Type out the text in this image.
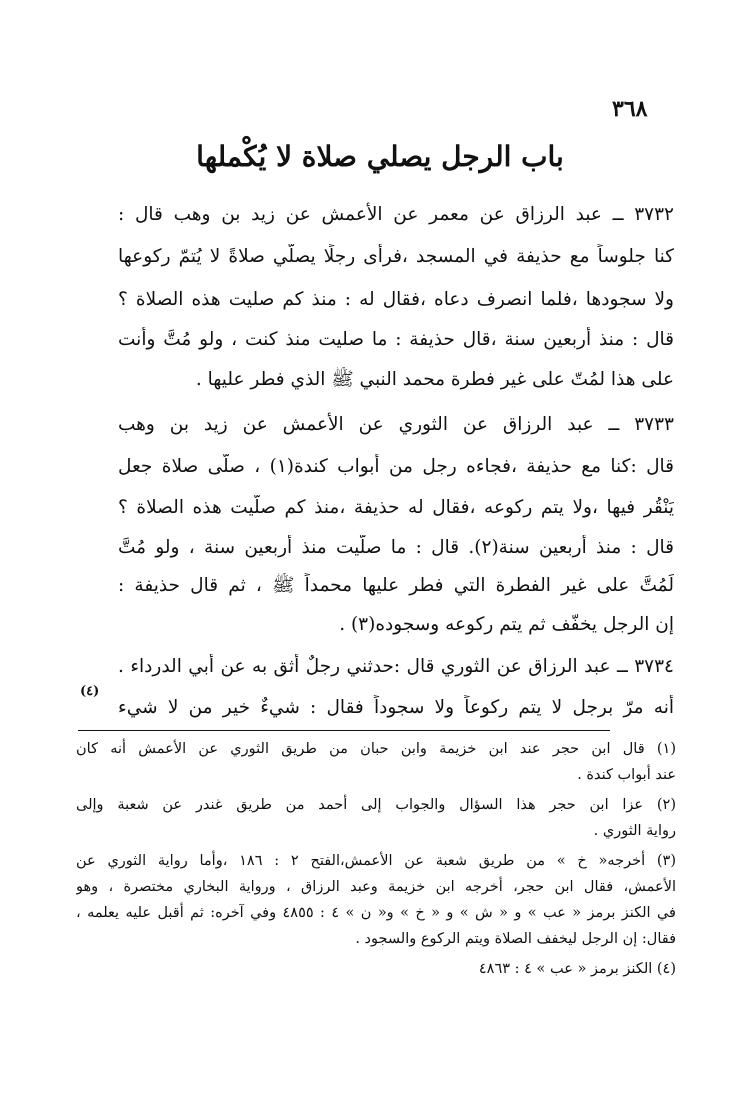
٣٦٨
باب الرجل يصلي صلاة لا يُكْملها
٣٧٣٢ ــ عبد الرزاق عن معمر عن الأعمش عن زيد بن وهب قال :
كنا جلوساً مع حذيفة في المسجد ،فرأى رجلًا يصلّي صلاةً لا يُتمّ ركوعها
ولا سجودها ،فلما انصرف دعاه ،فقال له : منذ كم صليت هذه الصلاة ؟
قال : منذ أربعين سنة ،قال حذيفة : ما صليت منذ كنت ، ولو مُتَّ وأنت
على هذا لمُتّ على غير فطرة محمد النبي ﷺ الذي فطر عليها .
٣٧٣٣ ــ عبد الرزاق عن الثوري عن الأعمش عن زيد بن وهب
قال :كنا مع حذيفة ،فجاءه رجل من أبواب كندة(١) ، صلّى صلاة جعل
يَنْقُر فيها ،ولا يتم ركوعه ،فقال له حذيفة ،منذ كم صلّيت هذه الصلاة ؟
قال : منذ أربعين سنة(٢). قال : ما صلّيت منذ أربعين سنة ، ولو مُتَّ
لَمُتَّ على غير الفطرة التي فطر عليها محمداً ﷺ ، ثم قال حذيفة :
إن الرجل يخفّف ثم يتم ركوعه وسجوده(٣) .
٣٧٣٤ ــ عبد الرزاق عن الثوري قال :حدثني رجلٌ أثق به عن أبي الدرداء .
أنه مرّ برجل لا يتم ركوعاً ولا سجوداً فقال : شيءٌ خير من لا شيء
(٤)
(١) قال ابن حجر عند ابن خزيمة وابن حبان من طريق الثوري عن الأعمش أنه كان
عند أبواب كندة .
(٢) عزا ابن حجر هذا السؤال والجواب إلى أحمد من طريق غندر عن شعبة وإلى
رواية الثوري .
(٣) أخرجه« خ » من طريق شعبة عن الأعمش،الفتح ٢ : ١٨٦ ،وأما رواية الثوري عن
الأعمش، فقال ابن حجر، أخرجه ابن خزيمة وعبد الرزاق ، ورواية البخاري مختصرة ، وهو
في الكنز برمز « عب » و « ش » و « خ » و« ن » ٤ : ٤٨٥٥ وفي آخره: ثم أقبل عليه يعلمه ،
فقال: إن الرجل ليخفف الصلاة ويتم الركوع والسجود .
(٤) الكنز برمز « عب » ٤ : ٤٨٦٣
